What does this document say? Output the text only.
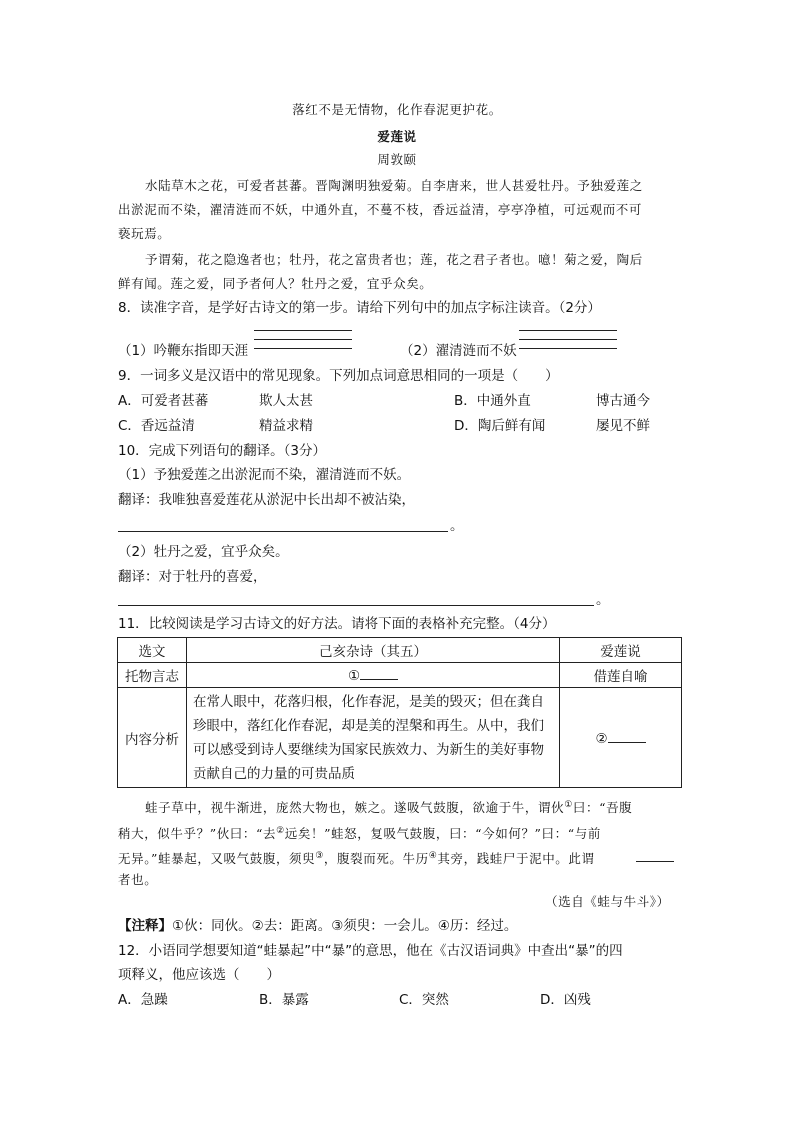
落红不是无情物，化作春泥更护花。
爱莲说
周敦颐
水陆草木之花，可爱者甚蕃。晋陶渊明独爱菊。自李唐来，世人甚爱牡丹。予独爱莲之
出淤泥而不染，濯清涟而不妖，中通外直，不蔓不枝，香远益清，亭亭净植，可远观而不可
亵玩焉。
予谓菊，花之隐逸者也；牡丹，花之富贵者也；莲，花之君子者也。噫！菊之爱，陶后
鲜有闻。莲之爱，同予者何人？牡丹之爱，宜乎众矣。
8．读准字音，是学好古诗文的第一步。请给下列句中的加点字标注读音。（2分）
（1）吟鞭东指即天涯	（2）濯清涟而不妖
9．一词多义是汉语中的常见现象。下列加点词意思相同的一项是（　　）
A．可爱者甚蕃	欺人太甚	B．中通外直	博古通今
C．香远益清	精益求精	D．陶后鲜有闻	屡见不鲜
10．完成下列语句的翻译。（3分）
（1）予独爱莲之出淤泥而不染，濯清涟而不妖。
翻译：我唯独喜爱莲花从淤泥中长出却不被沾染，
。
（2）牡丹之爱，宜乎众矣。
翻译：对于牡丹的喜爱，
。
11．比较阅读是学习古诗文的好方法。请将下面的表格补充完整。（4分）
选文	己亥杂诗（其五）	爱莲说
托物言志	①	借莲自喻
内容分析	在常人眼中，花落归根，化作春泥，是美的毁灭；但在龚自
珍眼中，落红化作春泥，却是美的涅槃和再生。从中，我们
可以感受到诗人要继续为国家民族效力、为新生的美好事物
贡献自己的力量的可贵品质	②
蛙子草中，视牛渐进，庞然大物也，嫉之。遂吸气鼓腹，欲逾于牛，谓伙①曰：“吾腹
稍大，似牛乎？”伙曰：“去②远矣！”蛙怒，复吸气鼓腹，曰：“今如何？”曰：“与前
无异。”蛙暴起，又吸气鼓腹，须臾③，腹裂而死。牛历④其旁，践蛙尸于泥中。此谓
者也。
（选自《蛙与牛斗》）
【注释】①伙：同伙。②去：距离。③须臾：一会儿。④历：经过。
12．小语同学想要知道“蛙暴起”中“暴”的意思，他在《古汉语词典》中查出“暴”的四
项释义，他应该选（　　）
A．急躁	B．暴露	C．突然	D．凶残
